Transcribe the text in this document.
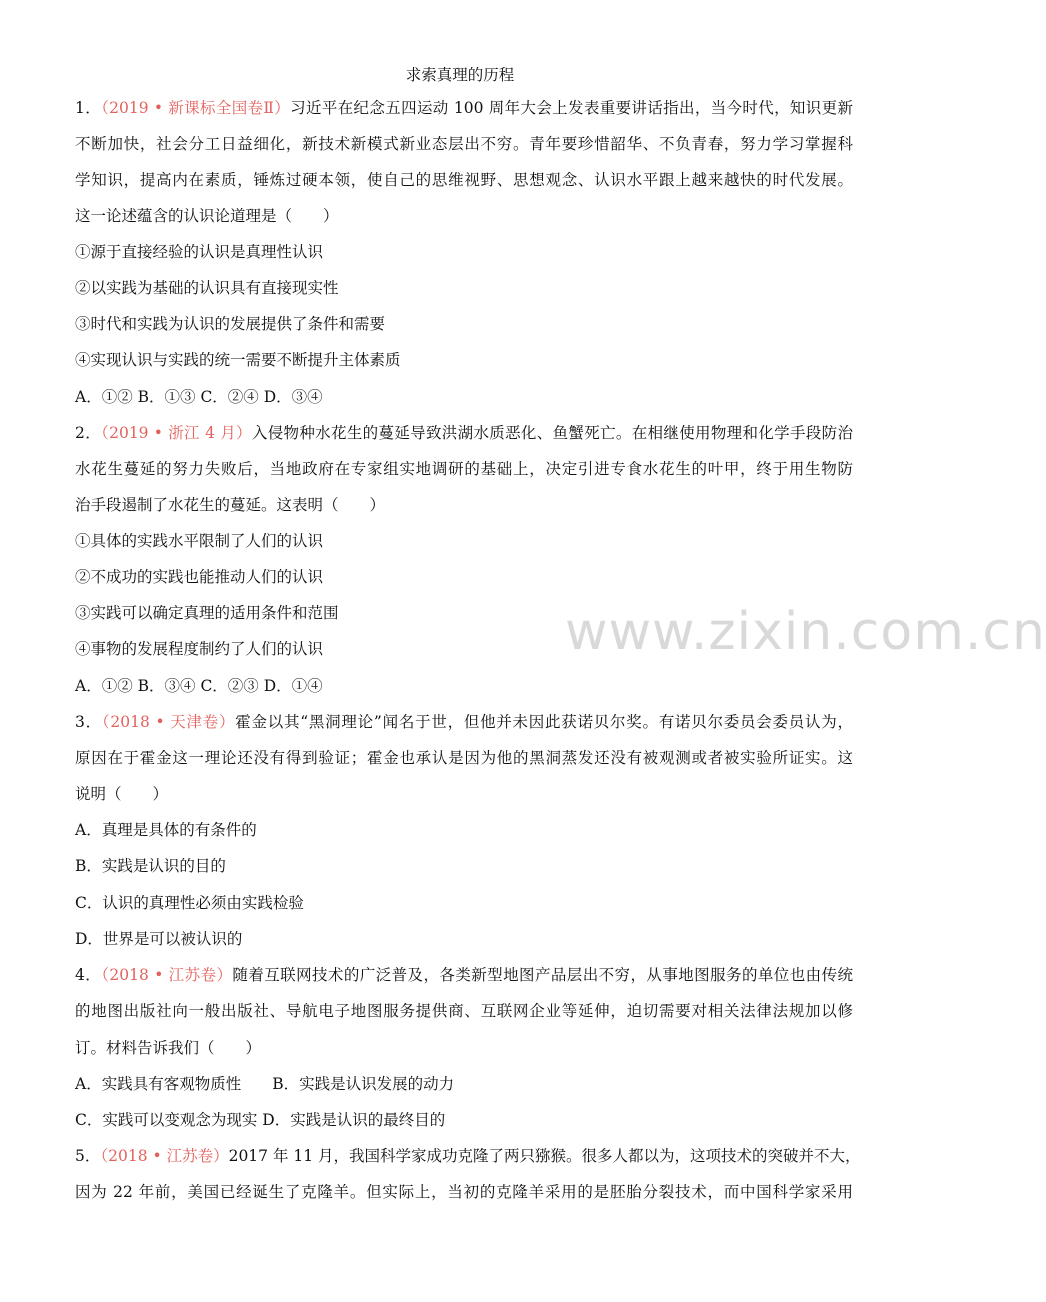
求索真理的历程
1．（2019 • 新课标全国卷Ⅱ）习近平在纪念五四运动 100 周年大会上发表重要讲话指出，当今时代，知识更新
不断加快，社会分工日益细化，新技术新模式新业态层出不穷。青年要珍惜韶华、不负青春，努力学习掌握科
学知识，提高内在素质，锤炼过硬本领，使自己的思维视野、思想观念、认识水平跟上越来越快的时代发展。
这一论述蕴含的认识论道理是（　　）
①源于直接经验的认识是真理性认识
②以实践为基础的认识具有直接现实性
③时代和实践为认识的发展提供了条件和需要
④实现认识与实践的统一需要不断提升主体素质
A．①② B．①③ C．②④ D．③④
2．（2019 • 浙江 4 月）入侵物种水花生的蔓延导致洪湖水质恶化、鱼蟹死亡。在相继使用物理和化学手段防治
水花生蔓延的努力失败后，当地政府在专家组实地调研的基础上，决定引进专食水花生的叶甲，终于用生物防
治手段遏制了水花生的蔓延。这表明（　　）
①具体的实践水平限制了人们的认识
②不成功的实践也能推动人们的认识
③实践可以确定真理的适用条件和范围
④事物的发展程度制约了人们的认识
A．①② B．③④ C．②③ D．①④
3．（2018 • 天津卷）霍金以其“黑洞理论”闻名于世，但他并未因此获诺贝尔奖。有诺贝尔委员会委员认为，
原因在于霍金这一理论还没有得到验证；霍金也承认是因为他的黑洞蒸发还没有被观测或者被实验所证实。这
说明（　　）
A．真理是具体的有条件的
B．实践是认识的目的
C．认识的真理性必须由实践检验
D．世界是可以被认识的
4．（2018 • 江苏卷）随着互联网技术的广泛普及，各类新型地图产品层出不穷，从事地图服务的单位也由传统
的地图出版社向一般出版社、导航电子地图服务提供商、互联网企业等延伸，迫切需要对相关法律法规加以修
订。材料告诉我们（　　）
A．实践具有客观物质性　　B．实践是认识发展的动力
C．实践可以变观念为现实 D．实践是认识的最终目的
5．（2018 • 江苏卷）2017 年 11 月，我国科学家成功克隆了两只猕猴。很多人都以为，这项技术的突破并不大，
因为 22 年前，美国已经诞生了克隆羊。但实际上，当初的克隆羊采用的是胚胎分裂技术，而中国科学家采用
www.zixin.com.cn
